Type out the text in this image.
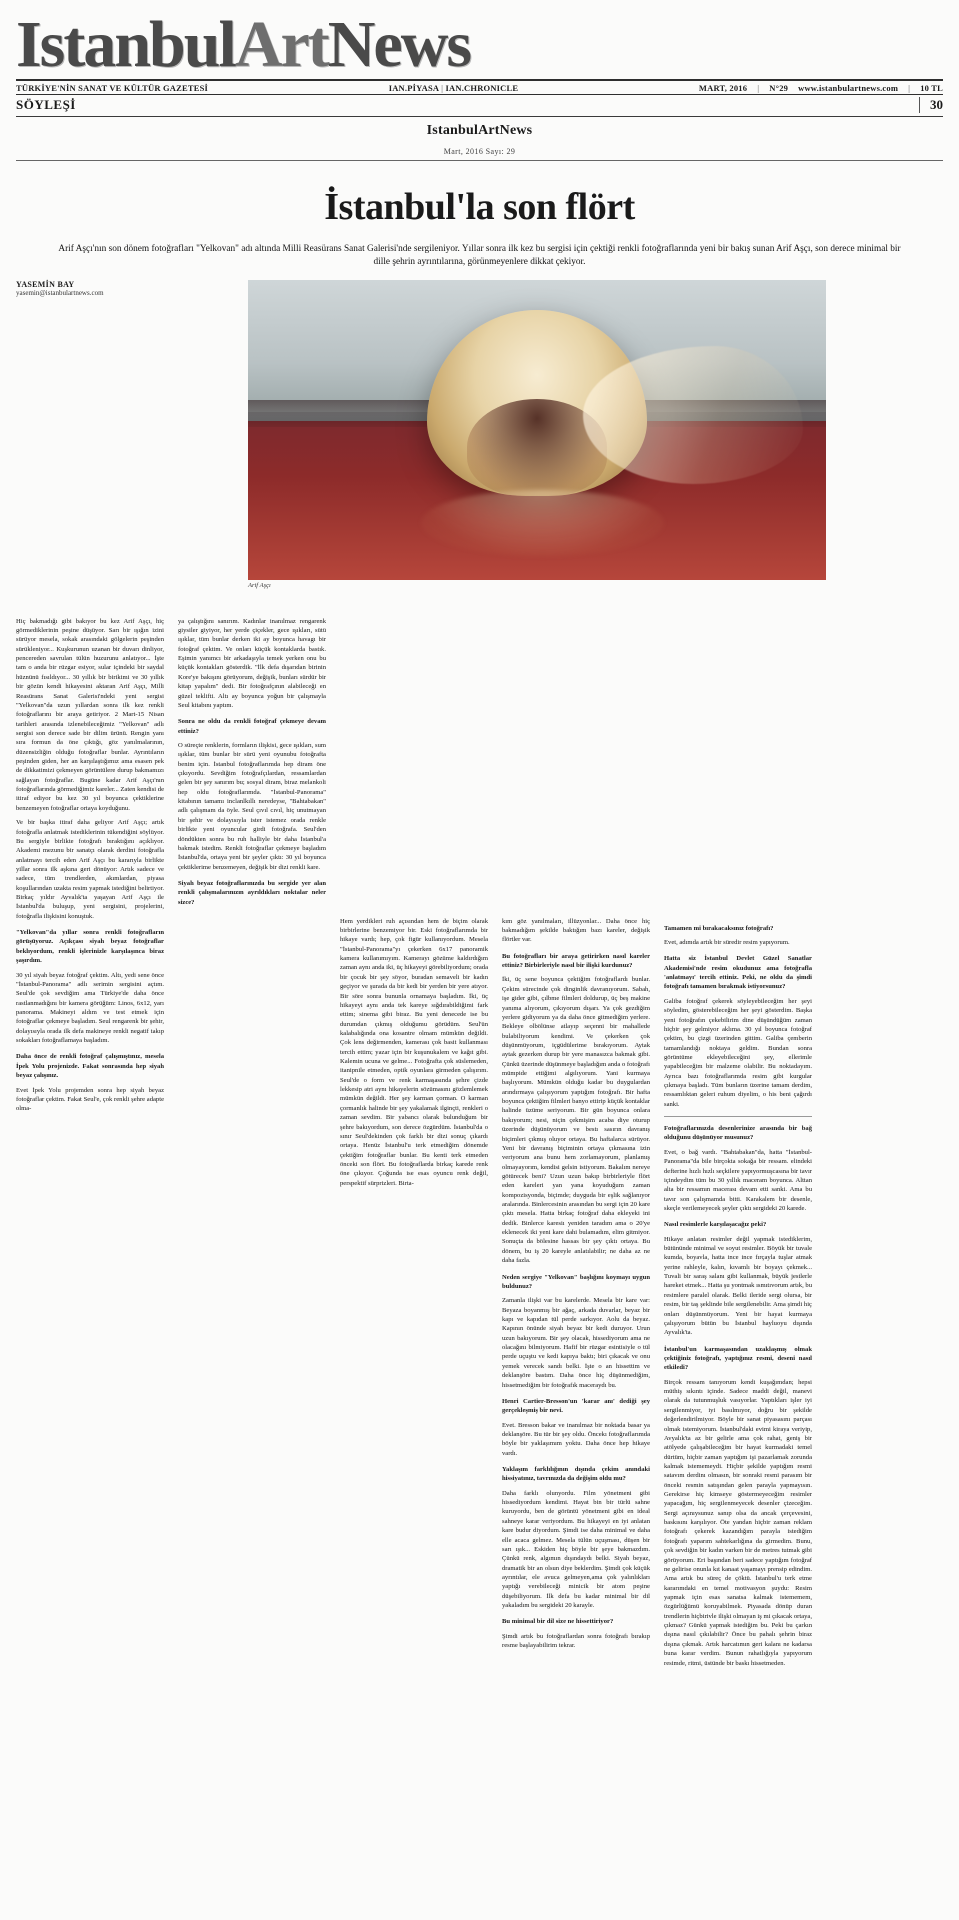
IstanbulArtNews
TÜRKİYE'NİN SANAT VE KÜLTÜR GAZETESİ	IAN.PİYASA | IAN.CHRONICLE	MART, 2016 | N°29 www.istanbulartnews.com | 10 TL
SÖYLEŞİ	30
IstanbulArtNews
Mart, 2016 Sayı: 29
İstanbul'la son flört
Arif Aşçı'nın son dönem fotoğrafları "Yelkovan" adı altında Milli Reasürans Sanat Galerisi'nde sergileniyor. Yıllar sonra ilk kez bu sergisi için çektiği renkli fotoğraflarında yeni bir bakış sunan Arif Aşçı, son derece minimal bir dille şehrin ayrıntılarına, görünmeyenlere dikkat çekiyor.
YASEMİN BAY
yasemin@istanbulartnews.com
Arif Aşçı

Hiç bakmadığı gibi bakıyor bu kez Arif Aşçı, hiç görmediklerinin peşine düşüyor. Sarı bir ışığın izini sürüyor mesela, sokak arasındaki gölgelerin peşinden sürükleniyor... Kuşkurunun uzanan bir duvarı dinliyor, pencereden savrulan tülün huzurunu anlatıyor... İşte tam o anda bir rüzgar esiyor, sular içindeki bir saydal hüznünü fısıldıyor... 30 yıllık bir birikimi ve 30 yıllık bir gözün kendi hikayesini aktaran Arif Aşçı, Milli Reasürans Sanat Galerisi'ndeki yeni sergisi "Yelkovan"da uzun yıllardan sonra ilk kez renkli fotoğraflarını bir araya getiriyor. 2 Mart-15 Nisan tarihleri arasında izlenebileceğimiz "Yelkovan" adlı sergisi son derece sade bir dilim ürünü. Rengin yanı sıra formun da öne çıktığı, göz yanılmalarının, düzensizliğin olduğu fotoğraflar bunlar. Ayrıntıların peşinden giden, her an karşılaştığımız ama esasen pek de dikkatimizi çekmeyen görüntülere durup bakmamızı sağlayan fotoğraflar. Bugüne kadar Arif Aşçı'nın fotoğraflarında görmediğimiz kareler... Zaten kendisi de itiraf ediyor bu kez 30 yıl boyunca çektiklerine benzemeyen fotoğraflar ortaya koyduğunu.

Ve bir başka itiraf daha geliyor Arif Aşçı; artık fotoğrafla anlatmak istediklerinin tükendiğini söylüyor. Bu sergiyle birlikte fotoğrafı bıraktığını açıklıyor. Akademi mezunu bir sanatçı olarak derdini fotoğrafla anlatmayı tercih eden Arif Aşçı bu kararıyla birlikte yillar sonra ilk aşkına geri dönüyor: Artık sadece ve sadece, tüm trendlerden, akımlardan, piyasa koşullarından uzakta resim yapmak istediğini belirtiyor. Birkaç yıldır Ayvalık'ta yaşayan Arif Aşçı ile İstanbul'da buluşup, yeni sergisini, projelerini, fotoğrafla ilişkisini konuştuk.

"Yelkovan"da yıllar sonra renkli fotoğrafların görüşüyoruz. Açıkçası siyah beyaz fotoğraflar beklıyordum, renkli işlerinizle karşılaşınca biraz şaşırdım.

30 yıl siyah beyaz fotoğraf çektim. Altı, yedi sene önce "İstanbul-Panorama" adlı serimin sergisini açtım. Seul'de çok sevdiğim ama Türkiye'de daha önce rastlanmadığını bir kamera görüğüm: Linos, 6x12, yarı panorama. Makineyi aldım ve test etmek için fotoğraflar çekmeye başladım. Seul rengarenk bir şehir, dolayısıyla orada ilk defa makineye renkli negatif takıp sokakları fotoğraflamaya başladım.

Daha önce de renkli fotoğraf çalışmıştınız, mesela İpek Yolu projenizde. Fakat sonrasında hep siyah beyaz çalışınız.

Evet İpek Yolu projemden sonra hep siyah beyaz fotoğraflar çektim. Fakat Seul'e, çok renkli şehre adapte olma-

ya çalıştığını sanırım. Kadınlar inanılmaz rengarenk giysiler giyiyor, her yerde çiçekler, gece ışıkları, sütü ışıklar, tüm bunlar derken iki ay boyunca havagı bir fotoğraf çektim. Ve onları küçük kontaklarda bastık. Eşimin yanımcı bir arkadaşıyla temek yerken onu bu küçük kontakları gösterdik. "İlk defa dışarıdan birinin Kore'ye bakışını görüyorum, değişik, bunları sürdür bir kitap yapalım" dedi. Bir fotoğrafçının alabileceği en güzel teklifti. Altı ay boyunca yoğun bir çalışmayla Seul kitabını yaptım.

Sonra ne oldu da renkli fotoğraf çekmeye devam ettiniz?

O süreçte renklerin, formların ilişkisi, gece ışıkları, sum ışıklar, tüm bunlar bir sürü yeni oyunubu fotoğrafta benim için. İstanbul fotoğraflarımda hep diram öne çıkıyordu. Sevdiğim fotoğrafçılardan, ressamlardan gelen bir şey sanırım bu; sosyal diram, biraz melankoli hep oldu fotoğraflarımda. "İstanbul-Panorama" kitabının tamamı inclanlkıllı neredeyse, "Bahtabakan" adlı çalışmam da öyle. Seul çıvıl cıvıl, hiç unutmayan bir şehir ve dolayısıyla ister istemez orada renkle birlikte yeni oyuncular girdi fotoğrafa. Seul'den döndükten sonra bu ruh halliyle bir daha İstanbul'a bakmak istedim. Renkli fotoğraflar çekmeye başladım İstanbul'da, ortaya yeni bir şeyler çıktı: 30 yıl boyunca çektiklerime benzemeyen, değişik bir dizi renkli kare.

Siyah beyaz fotoğraflarınızda bu sergide yer alan renkli çalışmalarınızın ayrıldıkları noktalar neler sizce?

Hem yerdikleri ruh açısından hem de biçim olarak birbirlerine benzemiyor bir. Eski fotoğraflarımda bir hikaye vardı; hep, çok figür kullanıyordum. Mesela "İstanbul-Panorama"yı çekerken 6x17 panoramik kamera kullanımıyım. Kamerayı gözüme kaldırdığım zaman aynı anda iki, üç hikayeyi görebiliyordum; orada bir çocuk bir şey söyor, buradan semaveli bir kadın geçiyor ve şurada da bir kedi bir yerden bir yere atıyor. Bir söre sonra bununla ornamaya başladım. İki, üç hikayeyi aynı anda tek kareye sığdırabildiğimi fark ettim; sinema gibi biraz. Bu yeni denecede ise bu durumdan çıkmış olduğumu görüdüm. Seul'ün kalabalığında ona kosantre olmam mümkün değildi. Çok lens değirmenden, kamerası çok basit kullanması tercih ettim; yazar için bir kuşunukalem ve kağıt gibi. Kalemin ucuna ve gelme... Fotoğrafta çok süslemeden, itanipnile etmeden, optik oyunlara girmeden çalışırım. Seul'de o form ve renk karmaşasında şehre çizde lekkesip atri aynı hikayelerin sözümasını gözlemlemek mümkün değildi. Her şey karman çorman. O karman çormanlık halinde bir şey yakalamak ilginçti, renkleri o zaman sevdim. Bir yabancı olarak bulunduğum bir şehre bakıyordum, son derece özgürdüm. İstanbul'da o sınır Seul'dekinden çok farklı bir dizi sonuç çıkardı ortaya. Henüz İstanbul'u terk etmediğim dönemde çektiğim fotoğraflar bunlar. Bu kenti terk etmeden önceki son flört. Bu fotoğraflarda birkaç karede renk öne çıkıyor. Çoğunda ise esas oyuncu renk değil, perspektif sürprizleri. Birta-

kım göz yanılmaları, illüzyonlar... Daha önce hiç bakmadığım şekilde baktığım bazı kareler, değişik flörtler var.

Bu fotoğrafları bir araya getirirken nasıl kareler ettiniz? Birbirleriyle nasıl bir ilişki kurdunuz?

İki, üç sene boyunca çektiğim fotoğraflardı bunlar. Çekim sürecinde çok dinginlik davranıyorum. Sabah, işe gider gibi, çılbme filmleri doldurup, üç beş makine yanıma alıyorum, çıkıyorum dışarı. Ya çok gezdiğim yerlere gidiyorum ya da daha önce gitmediğim yerlere. Bekleye olbölünse atlayıp seçenni bir mahallede bulabiliyorum kendimi. Ve çekerken çok düşünmüyorum, içgüdülerime bırakıyorum. Aytak aytak gezerken durup bir yere manasızca bakmak gibi. Çünkü üzerinde düşünmeye başladığım anda o fotoğrafı mümpide ettiğimi algılıyorum. Yani kurmaya başlıyorum. Mümkün olduğu kadar bu duygulardan arındırmaya çalışıyorum yaptığım fotoğrafı. Bir hafta boyunca çektiğim filmleri banyo ettirip küçük kontaklar halinde üzüme seriyorum. Bir gün boyunca onlara bakıyorum; nesi, niçin çekmişim acaba diye oturup üzerinde düşünüyorum ve bestı sasırın davranış biçimleri çıkmış oluyor ortaya. Bu haftalarca sürüyor. Yeni bir davranış biçiminin ortaya çıkmasına izin veriyorum ana bunu hem zorlamayorum, planlamış olmayayorım, kendisi gelsin istiyorum. Bakalım nereye götürecek beni? Uzun uzun bakıp birbirleriyle flört eden kareleri yan yana koyuduğum zaman kompozisyonda, biçimde; duyguda bir eşlik sağlanıyor aralarında. Binlercesinin arasından bu sergi için 20 kare çıktı mesela. Hatta birkaç fotoğraf daha ekleyeki ini dedik. Binlerce karesiı yeniden taradım ama o 20'ye eklenecek iki yeni kare dahi bulamadım, elim gitmiyor. Sonuçta da bölesine hassas bir şey çıktı ortaya. Bu dönem, bu iş 20 kareyle anlatılabilir; ne daha az ne daha fazla.

Neden sergiye "Yelkovan" başlığını koymayı uygun buldunuz?

Zamanla ilişki var bu karelerde. Mesela bir kare var: Beyaza boyanmış bir ağaç, arkada duvarlar, beyaz bir kapı ve kapıdan tül perde sarkıyor. Aolu da beyaz. Kapının önünde siyah beyaz bir kedi duruyor. Urun uzun bakıyorum. Bir şey olacak, hissediyorum ama ne olacağını bilmiyorum. Hafif bir rüzgar esintisiyle o tül perde uçuştu ve kedi kapıya baktı; biri çıkacak ve onu yemek verecek sandı belki. İşte o an hissettim ve deklanşöre bastım. Daha önce hiç düşünmediğim, hissetmediğim bir fotoğrafık maceraydı bu.

Henri Cartier-Bresson'un 'karar anı' dediği şey gerçekleşmiş bir nevi.

Evet. Bresson bakar ve inanılmaz bir noktada basar ya deklanşöre. Bu tür bir şey oldu. Öncekı fotoğraflarımda böyle bir yaklaşımım yoktu. Daha önce hep hikaye vardı.

Yaklaşım farklılığının dışında çekim anındaki hissiyatınız, tavrınızda da değişim oldu mu?

Daha farklı olunyordu. Film yönetmeni gibi hissediyordum kendimi. Hayat bin bir türlü sahne kuruyordu, ben de görüntü yönetmeni gibi en ideal sahneye karar veriyordum. Bu hikayeyi en iyi anlatan kare budur diyordum. Şimdi ise daha minimal ve daha elle acaca gelmez. Mesela tülün uçuşması, düşen bir sarı ışık... Eskiden hiç böyle bir şeye bakmazdım. Çünkü renk, algımın dışındaydı belki. Siyah beyaz, dramatik bir an olsun diye beklerdim. Şimdi çok küçük ayrıntılar, ele avuca gelmeyen,ama çok yalınlıkları yaptığı verebileceği minicik bir atom peşine düşebiliyorum. İlk defa bu kadar minimal bir dil yakaladım bu sergideki 20 karayle.

Bu minimal bir dil size ne hissettiriyor?

Şimdi artık bu fotoğraflardan sonra fotoğrafı bırakıp resme başlayabilirim tekrar.

Tamamen mi bırakacaksınız fotoğrafı?

Evet, adımda artık bir süredir resim yapıyorum.

Hatta siz İstanbul Devlet Güzel Sanatlar Akademisi'nde resim okudunuz ama fotoğrafla 'anlatmayı' tercih ettiniz. Peki, ne oldu da şimdi fotoğrafı tamamen bırakmak istiyorsunuz?

Galiba fotoğraf çekerek söyleyebileceğim her şeyi söyledim, gösterebileceğim her şeyi gösterdim. Başka yeni fotoğrafın çekebilirim dine düşündüğüm zaman hiçbir şey gelmiyor aklıma. 30 yıl boyunca fotoğraf çektim, bu çizgi üzerinden gittim. Galiba çemberin tamamlandığı noktaya geldim. Bundan sonra görüntüme ekleyebileceğini şey, ellerimle yapabileceğim bir malzeme olabilir. Bu noktadayım. Ayrıca bazı fotoğraflarımda resim gibi kurgular çıkmaya başladı. Tüm bunların üzerine tamam derdim, ressamlıktan geleri ruhum diyelim, o his beni çağırdı sanki.

Fotoğraflarınızda desenlerinize arasında bir bağ olduğunu düşünüyor musunuz?

Evet, o bağ vardı. "Bahtabakan"da, hatta "İstanbul-Panorama"da bile birçokta sokağa bir ressam. elindeki defterine hızlı hızlı seçkilere yapıyormuşcasına bir tavır içindeydim tüm bu 30 yıllık maceram boyunca. Alttan alta bir ressamın macerası devam etti sanki. Ama bu tavır son çalışmamda bitti. Karakalem bir desenle, skeçle verilemeyecek şeyler çıktı sergideki 20 karede.

Nasıl resimlerle karşılaşacağız peki?

Hikaye anlatan resimler değil yapmak istediklerim, bütününde minimal ve soyut resimler. Böyük bir tuvale kumda, boyavla, hatta ince ince fırçayla tuşlar atmak yerine rahleyle, kalın, kıvamlı bir boyayı çekmek... Tuvali bir saraş salanı gibi kullanmak, büyük jestlerle hareket etmek... Hatta şu yontmak ısmıtıvorum artık, bu resimlere paralel olarak. Belki ileride sergi olursa, bir resim, bir taş şeklinde bile sergilenebilir. Ama şimdi hiç onları düşünmüyorum. Yeni bir hayat kurmaya çalışıyorum bütün bu İstanbul hayluoyu dışında Ayvalık'ta.

İstanbul'un karmaşasından uzaklaşmış olmak çektiğiniz fotoğrafı, yaptığınız resmi, deseni nasıl etkiledi?

Birçok ressam tanıyorum kendi kuşağımdan; hepsi müthiş sıkıntı içinde. Sadece maddi değil, manevi olarak da tutunmuşluk vasıyorlar. Yaptıkları işler iyi sergilenmiyor, iyi basılmıyor, doğru bir şekilde değerlendirilmiyor. Böyle bir sanat piyasasını parçası olmak istemiyorum. İstanbul'daki evimi kiraya veriyip, Avyalık'ta az bir gelirle ama çok rahat, geniş bir atölyede çalışabileceğim bir hayat kurmadaki temel dürtüm, hiçbir zaman yaptığım işi pazarlamak zorunda kalmak istememeydi. Hiçbir şekilde yaptığım resmi satavım derdinı olmasın, bir sonraki resmi parasım bir önceki resmin satışından gelen parayla yapmayısın. Gerekirse hiç kimseye göstermeyeceğim resimler yapacağım, hiç sergilenmeyecek desenler çizeceğim. Sergi açınıysunuz sanıp olsa da ancak çerçevesini, baskısını karşılıyor. Öte yandan hiçbir zaman reklam fotoğrafı çekerek kazandığım parayla istediğim fotoğrafı yaparım sahtekarlığına da girmedim. Bunu, çok sevdiğin bir kadın varken bir de metres tutmak gibi görüyorum. Eri başından beri sadece yaptığım fotoğraf ne gelirise onunla kıt kanaat yaşamayı prensip edindim. Ama artık bu süreç de çöktü. İstanbul'u terk etme kararımdaki en temel motivasyon şuydu: Resim yapmak için esas sanatsa kalmak istememem, özgürlüğümü koruyabilmek. Piyasada dönüp duran trendlerin hiçbirivle ilişki olmayan iş mi çıkacak ortaya, çıkmaz? Günkü yapmak istediğim bu. Peki bu çarkın dışına nasıl çıkılabilir? Önce bu pahalı şehrin biraz dışına çıkmak. Artık harcatımın geri kalanı ne kadarsa buna karar verdim. Bunun rahatlığıyla yapıyorum resimde, ritmi, üstünde bir baskı hissetmeden.
